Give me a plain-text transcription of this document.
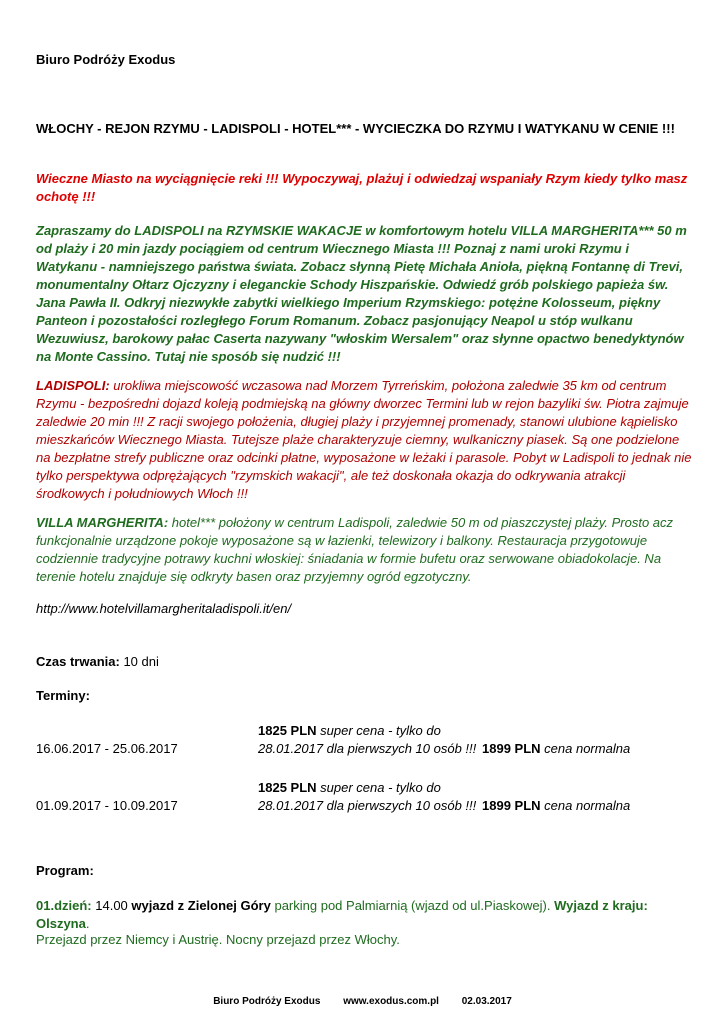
Biuro Podróży Exodus
WŁOCHY - REJON RZYMU - LADISPOLI - HOTEL*** - WYCIECZKA DO RZYMU I WATYKANU W CENIE !!!
Wieczne Miasto na wyciągnięcie reki !!! Wypoczywaj, plażuj i odwiedzaj wspaniały Rzym kiedy tylko masz ochotę !!!
Zapraszamy do LADISPOLI na RZYMSKIE WAKACJE w komfortowym hotelu VILLA MARGHERITA*** 50 m od plaży i 20 min jazdy pociągiem od centrum Wiecznego Miasta !!! Poznaj z nami uroki Rzymu i Watykanu - namniejszego państwa świata. Zobacz słynną Pietę Michała Anioła, piękną Fontannę di Trevi, monumentalny Ołtarz Ojczyzny i eleganckie Schody Hiszpańskie. Odwiedź grób polskiego papieża św. Jana Pawła II. Odkryj niezwykłe zabytki wielkiego Imperium Rzymskiego: potężne Kolosseum, piękny Panteon i pozostałości rozległego Forum Romanum. Zobacz pasjonujący Neapol u stóp wulkanu Wezuwiusz, barokowy pałac Caserta nazywany "włoskim Wersalem" oraz słynne opactwo benedyktynów na Monte Cassino. Tutaj nie sposób się nudzić !!!
LADISPOLI: urokliwa miejscowość wczasowa nad Morzem Tyrreńskim, położona zaledwie 35 km od centrum Rzymu - bezpośredni dojazd koleją podmiejską na główny dworzec Termini lub w rejon bazyliki św. Piotra zajmuje zaledwie 20 min !!! Z racji swojego położenia, długiej plaży i przyjemnej promenady, stanowi ulubione kąpielisko mieszkańców Wiecznego Miasta. Tutejsze plaże charakteryzuje ciemny, wulkaniczny piasek. Są one podzielone na bezpłatne strefy publiczne oraz odcinki płatne, wyposażone w leżaki i parasole. Pobyt w Ladispoli to jednak nie tylko perspektywa odprężających "rzymskich wakacji", ale też doskonała okazja do odkrywania atrakcji środkowych i południowych Włoch !!!
VILLA MARGHERITA: hotel*** położony w centrum Ladispoli, zaledwie 50 m od piaszczystej plaży. Prosto acz funkcjonalnie urządzone pokoje wyposażone są w łazienki, telewizory i balkony. Restauracja przygotowuje codziennie tradycyjne potrawy kuchni włoskiej: śniadania w formie bufetu oraz serwowane obiadokolacje. Na terenie hotelu znajduje się odkryty basen oraz przyjemny ogród egzotyczny.
http://www.hotelvillamargheritaladispoli.it/en/
Czas trwania: 10 dni
Terminy:
16.06.2017 - 25.06.2017
1825 PLN super cena - tylko do 28.01.2017 dla pierwszych 10 osób !!! 1899 PLN cena normalna
01.09.2017 - 10.09.2017
1825 PLN super cena - tylko do 28.01.2017 dla pierwszych 10 osób !!! 1899 PLN cena normalna
Program:
01.dzień: 14.00 wyjazd z Zielonej Góry parking pod Palmiarnią (wjazd od ul.Piaskowej). Wyjazd z kraju: Olszyna.
Przejazd przez Niemcy i Austrię. Nocny przejazd przez Włochy.
Biuro Podróży Exodus www.exodus.com.pl 02.03.2017
